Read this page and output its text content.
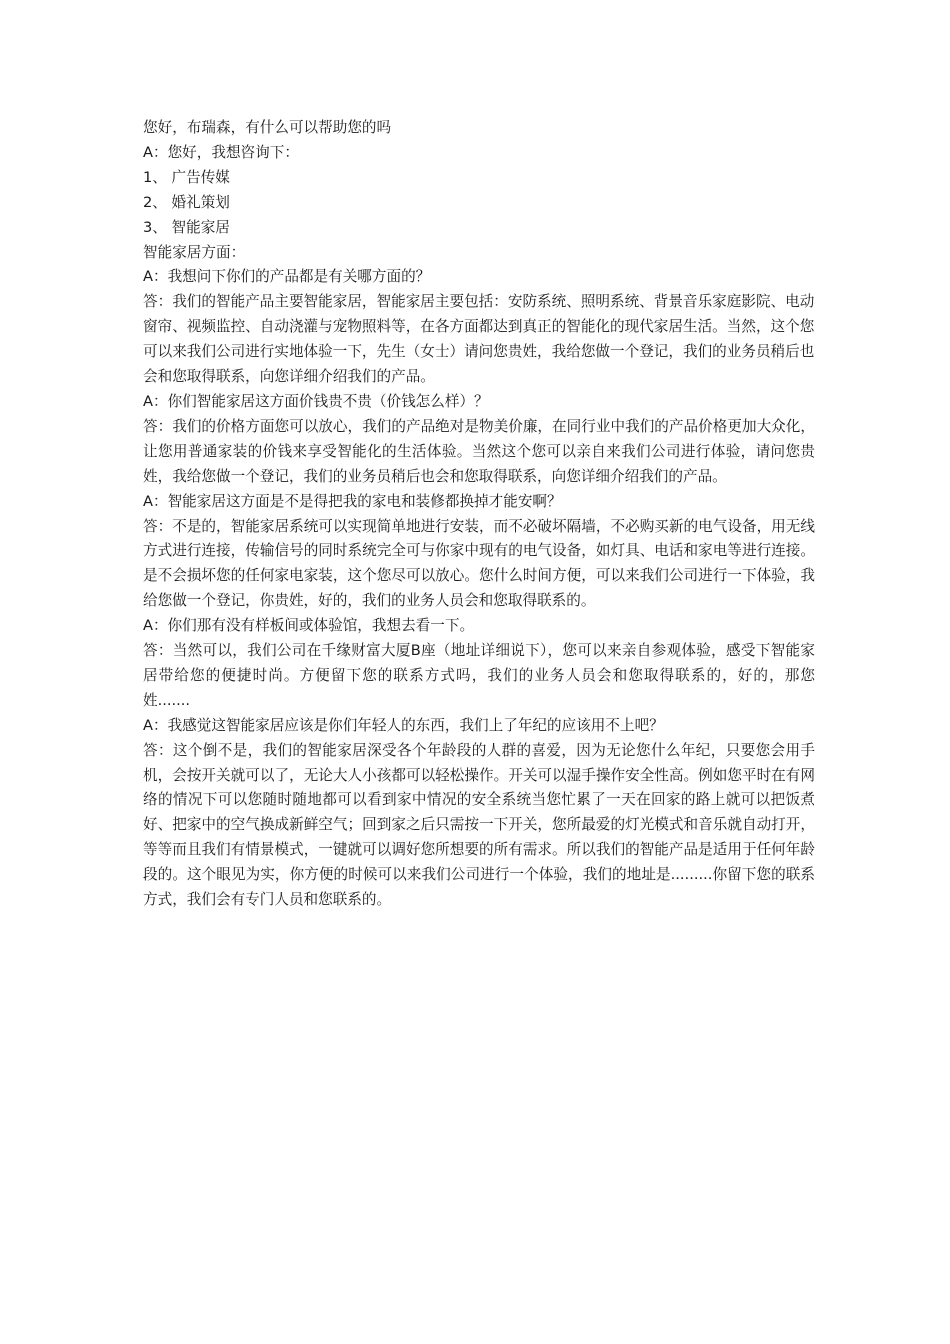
您好，布瑞森，有什么可以帮助您的吗

A：您好，我想咨询下：

1、 广告传媒

2、 婚礼策划

3、 智能家居

智能家居方面：

A：我想问下你们的产品都是有关哪方面的？

答：我们的智能产品主要智能家居，智能家居主要包括：安防系统、照明系统、背景音乐家庭影院、电动窗帘、视频监控、自动浇灌与宠物照料等，在各方面都达到真正的智能化的现代家居生活。当然，这个您可以来我们公司进行实地体验一下，先生（女士）请问您贵姓，我给您做一个登记，我们的业务员稍后也会和您取得联系，向您详细介绍我们的产品。

A：你们智能家居这方面价钱贵不贵（价钱怎么样）？

答：我们的价格方面您可以放心，我们的产品绝对是物美价廉，在同行业中我们的产品价格更加大众化，让您用普通家装的价钱来享受智能化的生活体验。当然这个您可以亲自来我们公司进行体验，请问您贵姓，我给您做一个登记，我们的业务员稍后也会和您取得联系，向您详细介绍我们的产品。

A：智能家居这方面是不是得把我的家电和装修都换掉才能安啊？

答：不是的，智能家居系统可以实现简单地进行安装，而不必破坏隔墙，不必购买新的电气设备，用无线方式进行连接，传输信号的同时系统完全可与你家中现有的电气设备，如灯具、电话和家电等进行连接。是不会损坏您的任何家电家装，这个您尽可以放心。您什么时间方便，可以来我们公司进行一下体验，我给您做一个登记，你贵姓，好的，我们的业务人员会和您取得联系的。

A：你们那有没有样板间或体验馆，我想去看一下。

答：当然可以，我们公司在千缘财富大厦B座（地址详细说下），您可以来亲自参观体验，感受下智能家居带给您的便捷时尚。方便留下您的联系方式吗，我们的业务人员会和您取得联系的，好的，那您姓.......

A：我感觉这智能家居应该是你们年轻人的东西，我们上了年纪的应该用不上吧？

答：这个倒不是，我们的智能家居深受各个年龄段的人群的喜爱，因为无论您什么年纪，只要您会用手机，会按开关就可以了，无论大人小孩都可以轻松操作。开关可以湿手操作安全性高。例如您平时在有网络的情况下可以您随时随地都可以看到家中情况的安全系统当您忙累了一天在回家的路上就可以把饭煮好、把家中的空气换成新鲜空气；回到家之后只需按一下开关，您所最爱的灯光模式和音乐就自动打开，等等而且我们有情景模式，一键就可以调好您所想要的所有需求。所以我们的智能产品是适用于任何年龄段的。这个眼见为实，你方便的时候可以来我们公司进行一个体验，我们的地址是.........你留下您的联系方式，我们会有专门人员和您联系的。
